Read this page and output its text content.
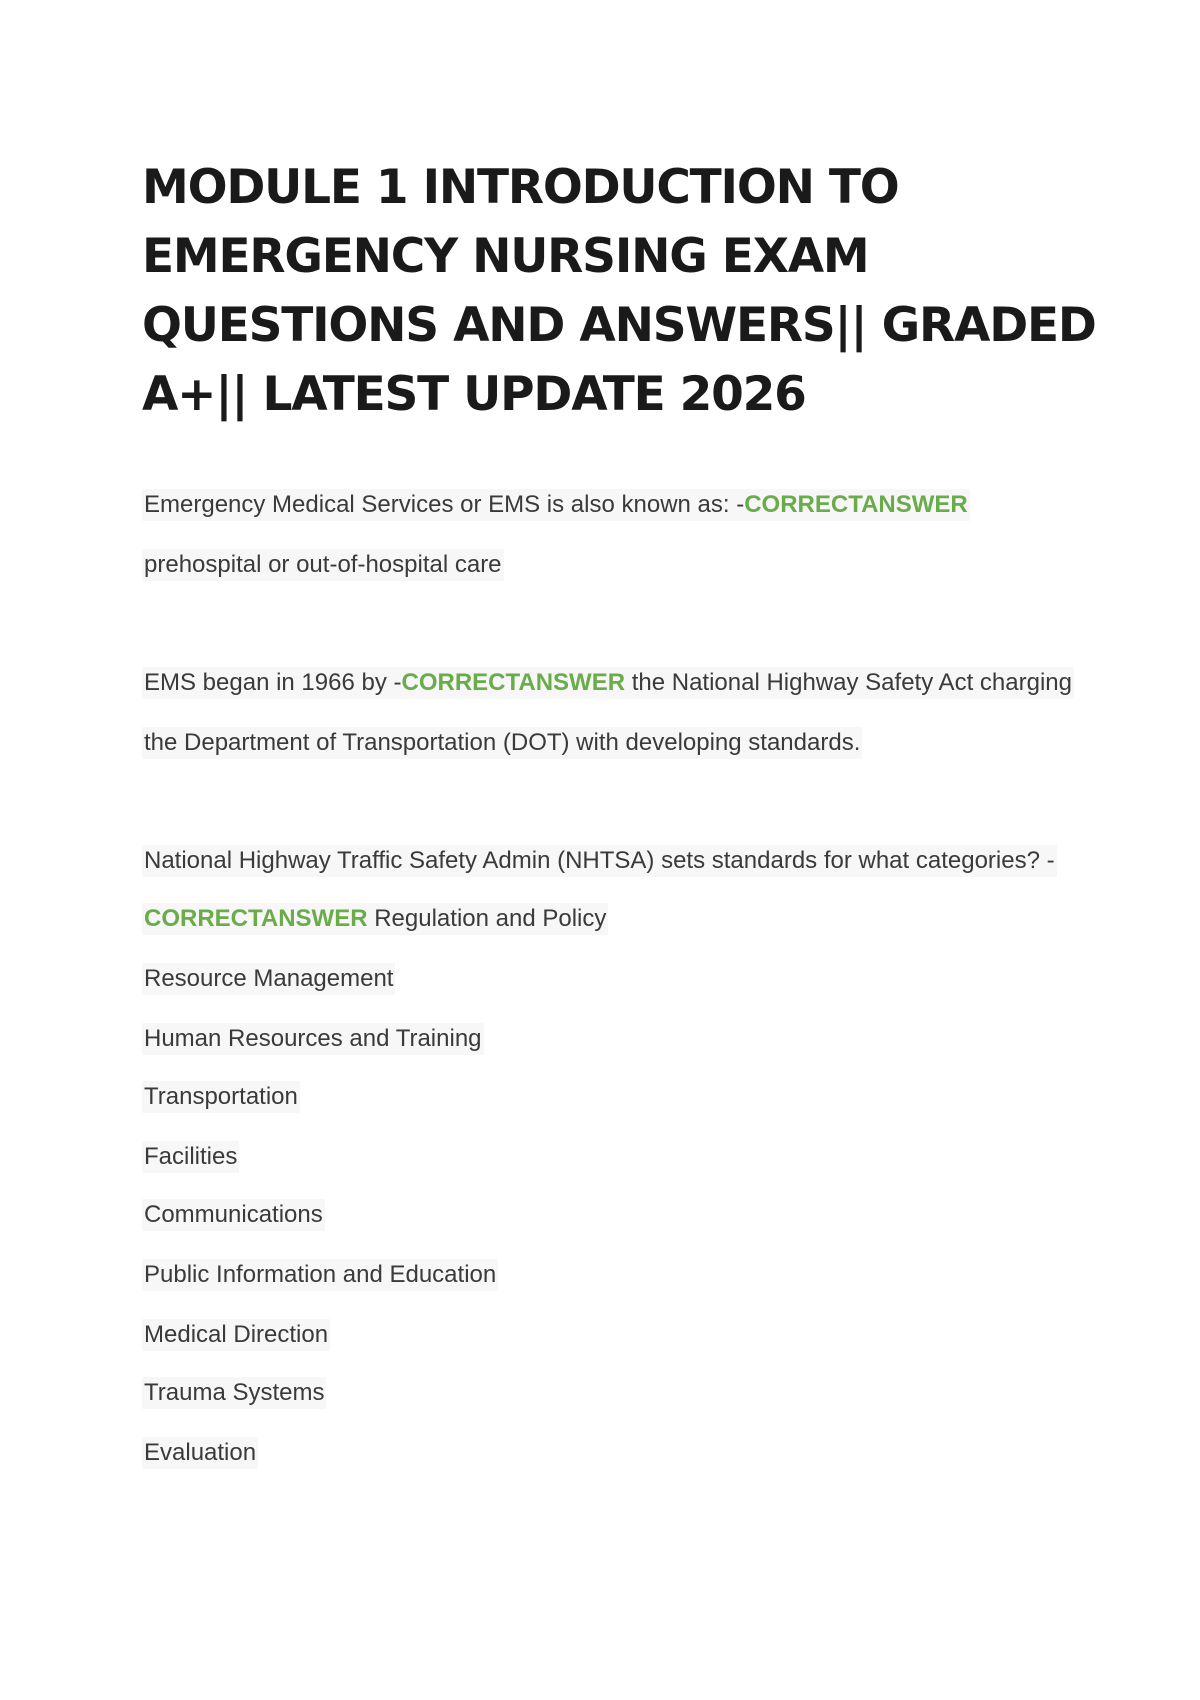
MODULE 1 INTRODUCTION TO
EMERGENCY NURSING EXAM
QUESTIONS AND ANSWERS|| GRADED
A+|| LATEST UPDATE 2026
Emergency Medical Services or EMS is also known as: -CORRECTANSWER
prehospital or out-of-hospital care
EMS began in 1966 by -CORRECTANSWER the National Highway Safety Act charging
the Department of Transportation (DOT) with developing standards.
National Highway Traffic Safety Admin (NHTSA) sets standards for what categories? -
CORRECTANSWER Regulation and Policy
Resource Management
Human Resources and Training
Transportation
Facilities
Communications
Public Information and Education
Medical Direction
Trauma Systems
Evaluation
